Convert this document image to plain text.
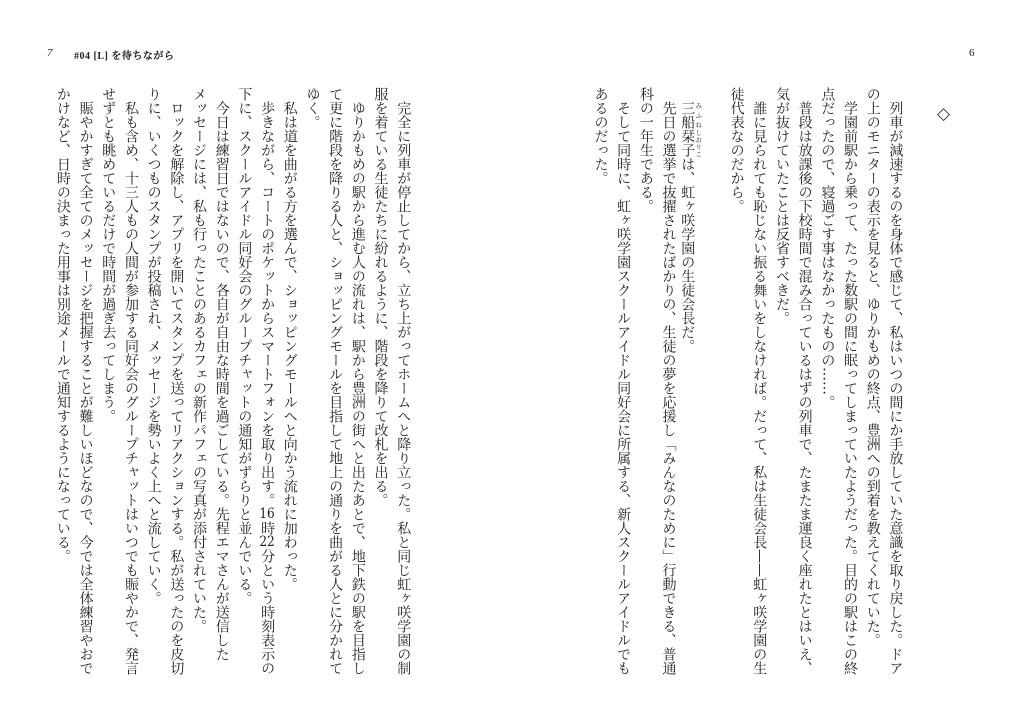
7 #04 [L] を待ちながら
　完全に列車が停止してから、立ち上がってホームへと降り立った。私と同じ虹ヶ咲学園の制
服を着ている生徒たちに紛れるように、階段を降りて改札を出る。
　ゆりかもめの駅から進む人の流れは、駅から豊洲の街へと出たあとで、地下鉄の駅を目指し
て更に階段を降りる人と、ショッピングモールを目指して地上の通りを曲がる人とに分かれて
ゆく。
　私は道を曲がる方を選んで、ショッピングモールへと向かう流れに加わった。
　歩きながら、コートのポケットからスマートフォンを取り出す。16時22分という時刻表示の
下に、スクールアイドル同好会のグループチャットの通知がずらりと並んでいる。
　今日は練習日ではないので、各自が自由な時間を過ごしている。先程エマさんが送信した
メッセージには、私も行ったことのあるカフェの新作パフェの写真が添付されていた。
　ロックを解除し、アプリを開いてスタンプを送ってリアクションする。私が送ったのを皮切
りに、いくつものスタンプが投稿され、メッセージを勢いよく上へと流していく。
　私も含め、十三人もの人間が参加する同好会のグループチャットはいつでも賑やかで、発言
せずとも眺めているだけで時間が過ぎ去ってしまう。
　賑やかすぎて全てのメッセージを把握することが難しいほどなので、今では全体練習やおで
かけなど、日時の決まった用事は別途メールで通知するようになっている。
6
◇
　列車が減速するのを身体で感じて、私はいつの間にか手放していた意識を取り戻した。ドア
の上のモニターの表示を見ると、ゆりかもめの終点、豊洲への到着を教えてくれていた。
　学園前駅から乗って、たった数駅の間に眠ってしまっていたようだった。目的の駅はこの終
点だったので、寝過ごす事はなかったものの……。
　普段は放課後の下校時間で混み合っているはずの列車で、たまたま運良く座れたとはいえ、
気が抜けていたことは反省すべきだ。
　誰に見られても恥じない振る舞いをしなければ。だって、私は生徒会長——虹ヶ咲学園の生
徒代表なのだから。
　三船 みふね栞子 しおりこは、虹ヶ咲学園の生徒会長だ。
　先日の選挙で抜擢されたばかりの、生徒の夢を応援し「みんなのために」行動できる、普通
科の一年生である。
　そして同時に、虹ヶ咲学園スクールアイドル同好会に所属する、新人スクールアイドルでも
あるのだった。
